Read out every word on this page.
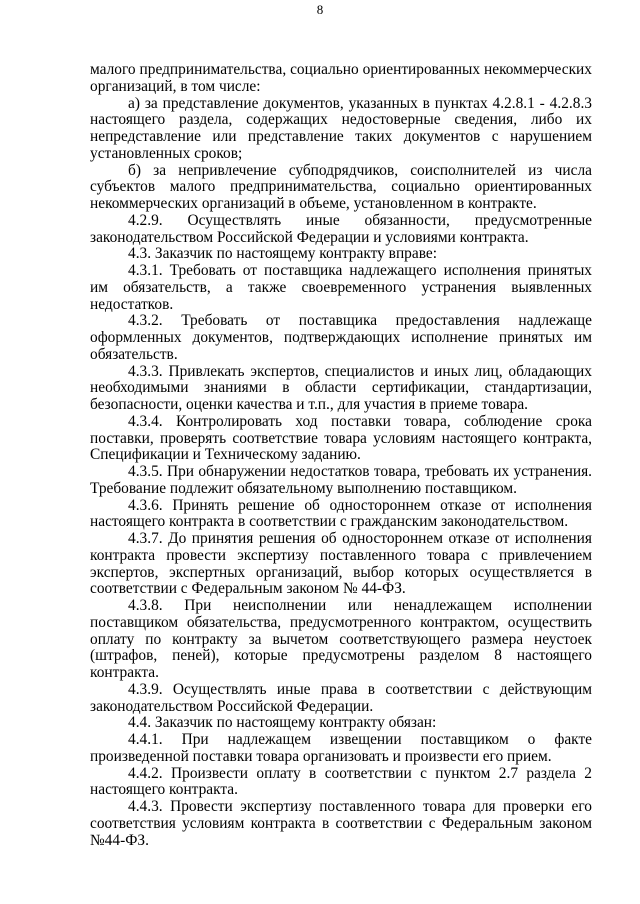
8

малого предпринимательства, социально ориентированных некоммерческих организаций, в том числе:

а) за представление документов, указанных в пунктах 4.2.8.1 - 4.2.8.3 настоящего раздела, содержащих недостоверные сведения, либо их непредставление или представление таких документов с нарушением установленных сроков;

б) за непривлечение субподрядчиков, соисполнителей из числа субъектов малого предпринимательства, социально ориентированных некоммерческих организаций в объеме, установленном в контракте.

4.2.9. Осуществлять иные обязанности, предусмотренные законодательством Российской Федерации и условиями контракта.

4.3. Заказчик по настоящему контракту вправе:

4.3.1. Требовать от поставщика надлежащего исполнения принятых им обязательств, а также своевременного устранения выявленных недостатков.

4.3.2. Требовать от поставщика предоставления надлежаще оформленных документов, подтверждающих исполнение принятых им обязательств.

4.3.3. Привлекать экспертов, специалистов и иных лиц, обладающих необходимыми знаниями в области сертификации, стандартизации, безопасности, оценки качества и т.п., для участия в приеме товара.

4.3.4. Контролировать ход поставки товара, соблюдение срока поставки, проверять соответствие товара условиям настоящего контракта, Спецификации и Техническому заданию.

4.3.5. При обнаружении недостатков товара, требовать их устранения. Требование подлежит обязательному выполнению поставщиком.

4.3.6. Принять решение об одностороннем отказе от исполнения настоящего контракта в соответствии с гражданским законодательством.

4.3.7. До принятия решения об одностороннем отказе от исполнения контракта провести экспертизу поставленного товара с привлечением экспертов, экспертных организаций, выбор которых осуществляется в соответствии с Федеральным законом № 44-ФЗ.

4.3.8. При неисполнении или ненадлежащем исполнении поставщиком обязательства, предусмотренного контрактом, осуществить оплату по контракту за вычетом соответствующего размера неустоек (штрафов, пеней), которые предусмотрены разделом 8 настоящего контракта.

4.3.9. Осуществлять иные права в соответствии с действующим законодательством Российской Федерации.

4.4. Заказчик по настоящему контракту обязан:

4.4.1. При надлежащем извещении поставщиком о факте произведенной поставки товара организовать и произвести его прием.

4.4.2. Произвести оплату в соответствии с пунктом 2.7 раздела 2 настоящего контракта.

4.4.3. Провести экспертизу поставленного товара для проверки его соответствия условиям контракта в соответствии с Федеральным законом №44-ФЗ.
